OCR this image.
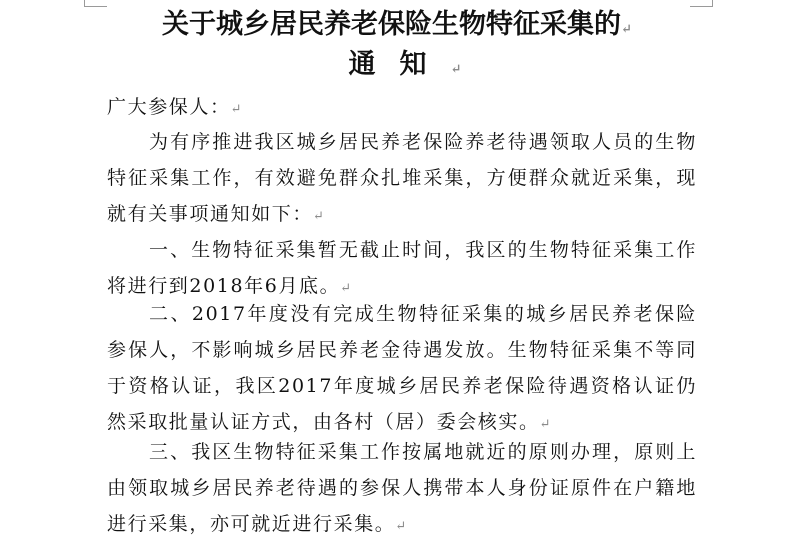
关于城乡居民养老保险生物特征采集的↵
通知↵

广大参保人：↵

为有序推进我区城乡居民养老保险养老待遇领取人员的生物特征采集工作，有效避免群众扎堆采集，方便群众就近采集，现就有关事项通知如下：↵

一、生物特征采集暂无截止时间，我区的生物特征采集工作将进行到2018年6月底。↵

二、2017年度没有完成生物特征采集的城乡居民养老保险参保人，不影响城乡居民养老金待遇发放。生物特征采集不等同于资格认证，我区2017年度城乡居民养老保险待遇资格认证仍然采取批量认证方式，由各村（居）委会核实。↵

三、我区生物特征采集工作按属地就近的原则办理，原则上由领取城乡居民养老待遇的参保人携带本人身份证原件在户籍地进行采集，亦可就近进行采集。↵
